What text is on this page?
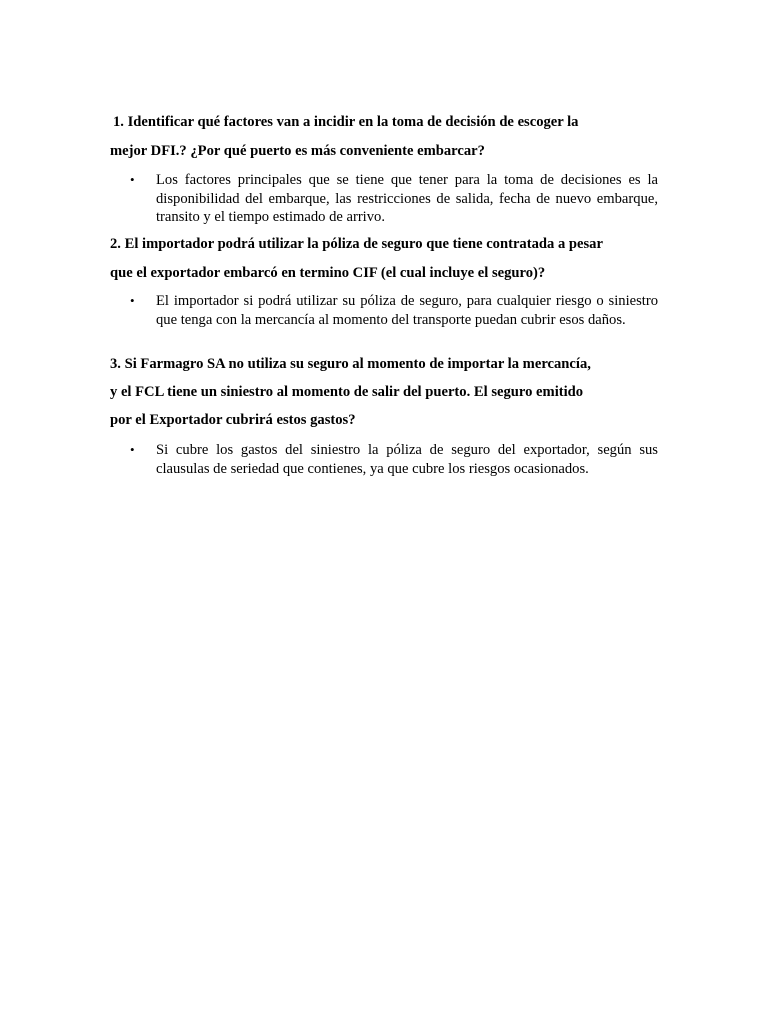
1. Identificar qué factores van a incidir en la toma de decisión de escoger la

mejor DFI.? ¿Por qué puerto es más conveniente embarcar?

•	Los factores principales que se tiene que tener para la toma de decisiones es la disponibilidad del embarque, las restricciones de salida, fecha de nuevo embarque, transito y el tiempo estimado de arrivo.

2. El importador podrá utilizar la póliza de seguro que tiene contratada a pesar

que el exportador embarcó en termino CIF (el cual incluye el seguro)?

•	El importador si podrá utilizar su póliza de seguro, para cualquier riesgo o siniestro que tenga con la mercancía al momento del transporte puedan cubrir esos daños.

3. Si Farmagro SA no utiliza su seguro al momento de importar la mercancía,

y el FCL tiene un siniestro al momento de salir del puerto. El seguro emitido

por el Exportador cubrirá estos gastos?

•	Si cubre los gastos del siniestro la póliza de seguro del exportador, según sus clausulas de seriedad que contienes, ya que cubre los riesgos ocasionados.
